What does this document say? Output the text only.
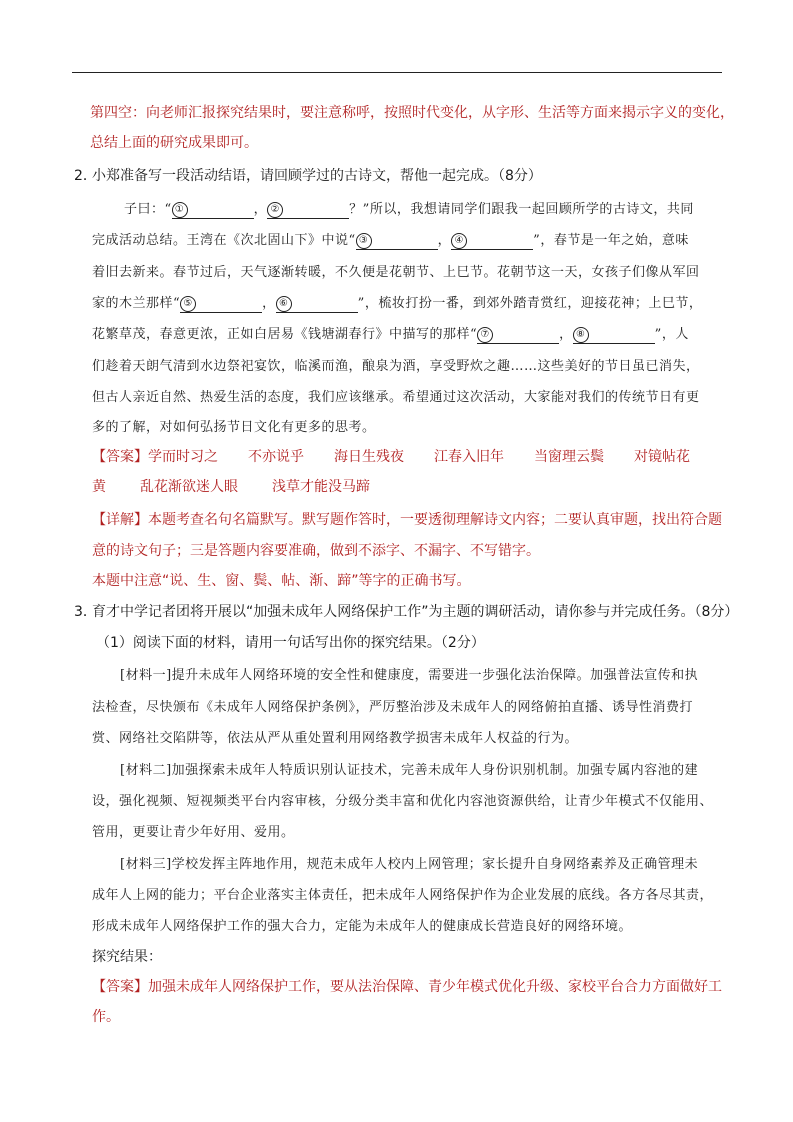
第四空：向老师汇报探究结果时，要注意称呼，按照时代变化，从字形、生活等方面来揭示字义的变化，
总结上面的研究成果即可。
2．
小郑准备写一段活动结语，请回顾学过的古诗文，帮他一起完成。（8分）
子曰：“ ①	， ②	？”所以，我想请同学们跟我一起回顾所学的古诗文，共同
完成活动总结。王湾在《次北固山下》中说“ ③	， ④	”，春节是一年之始，意味
着旧去新来。春节过后，天气逐渐转暖，不久便是花朝节、上巳节。花朝节这一天，女孩子们像从军回
家的木兰那样“ ⑤	， ⑥	”，梳妆打扮一番，到郊外踏青赏红，迎接花神；上巳节，
花繁草茂，春意更浓，正如白居易《钱塘湖春行》中描写的那样“ ⑦	， ⑧	”，人
们趁着天朗气清到水边祭祀宴饮，临溪而渔，酿泉为酒，享受野炊之趣……这些美好的节日虽已消失，
但古人亲近自然、热爱生活的态度，我们应该继承。希望通过这次活动，大家能对我们的传统节日有更
多的了解，对如何弘扬节日文化有更多的思考。
【答案】学而时习之 不亦说乎 海日生残夜 江春入旧年 当窗理云鬓 对镜帖花
黄 乱花渐欲迷人眼 浅草才能没马蹄
【详解】本题考查名句名篇默写。默写题作答时，一要透彻理解诗文内容；二要认真审题，找出符合题
意的诗文句子；三是答题内容要准确，做到不添字、不漏字、不写错字。
本题中注意“说、生、窗、鬓、帖、渐、蹄”等字的正确书写。
3．
育才中学记者团将开展以“加强未成年人网络保护工作”为主题的调研活动，请你参与并完成任务。（8分）
（1）阅读下面的材料，请用一句话写出你的探究结果。（2分）
[材料一]提升未成年人网络环境的安全性和健康度，需要进一步强化法治保障。加强普法宣传和执
法检查，尽快颁布《未成年人网络保护条例》，严厉整治涉及未成年人的网络俯拍直播、诱导性消费打
赏、网络社交陷阱等，依法从严从重处置利用网络教学损害未成年人权益的行为。
[材料二]加强探索未成年人特质识别认证技术，完善未成年人身份识别机制。加强专属内容池的建
设，强化视频、短视频类平台内容审核，分级分类丰富和优化内容池资源供给，让青少年模式不仅能用、
管用，更要让青少年好用、爱用。
[材料三]学校发挥主阵地作用，规范未成年人校内上网管理；家长提升自身网络素养及正确管理未
成年人上网的能力；平台企业落实主体责任，把未成年人网络保护作为企业发展的底线。各方各尽其责，
形成未成年人网络保护工作的强大合力，定能为未成年人的健康成长营造良好的网络环境。
探究结果：
【答案】加强未成年人网络保护工作，要从法治保障、青少年模式优化升级、家校平台合力方面做好工
作。
